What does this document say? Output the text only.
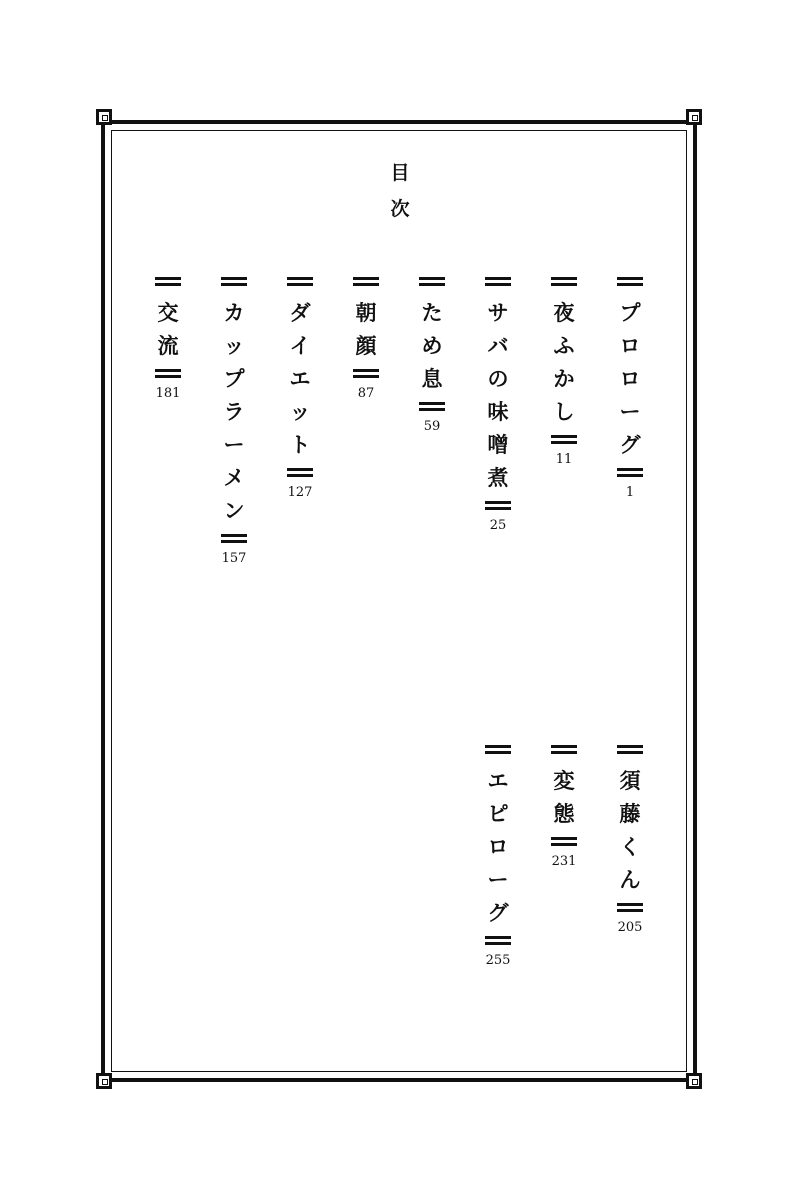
目
次
プ
ロ
ロ
ー
グ
1
夜
ふ
か
し
11
サ
バ
の
味
噌
煮
25
た
め
息
59
朝
顔
87
ダ
イ
エ
ッ
ト
127
カ
ッ
プ
ラ
ー
メ
ン
157
交
流
181
須
藤
く
ん
205
変
態
231
エ
ピ
ロ
ー
グ
255
